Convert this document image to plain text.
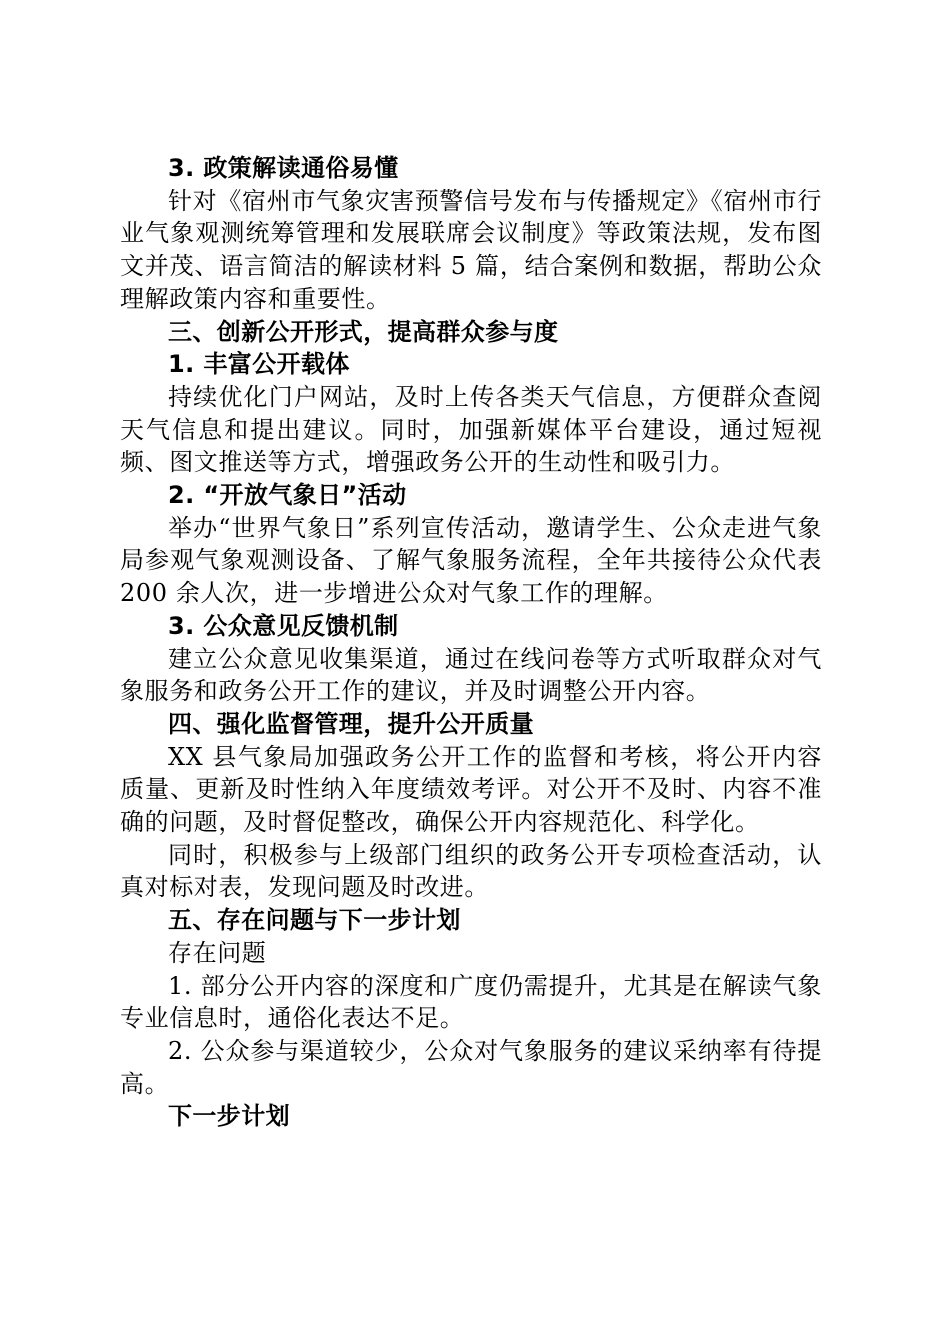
3. 政策解读通俗易懂
针对《宿州市气象灾害预警信号发布与传播规定》《宿州市行业气象观测统筹管理和发展联席会议制度》等政策法规，发布图文并茂、语言简洁的解读材料 5 篇，结合案例和数据，帮助公众理解政策内容和重要性。
三、创新公开形式，提高群众参与度
1. 丰富公开载体
持续优化门户网站，及时上传各类天气信息，方便群众查阅天气信息和提出建议。同时，加强新媒体平台建设，通过短视频、图文推送等方式，增强政务公开的生动性和吸引力。
2. “开放气象日”活动
举办“世界气象日”系列宣传活动，邀请学生、公众走进气象局参观气象观测设备、了解气象服务流程，全年共接待公众代表 200 余人次，进一步增进公众对气象工作的理解。
3. 公众意见反馈机制
建立公众意见收集渠道，通过在线问卷等方式听取群众对气象服务和政务公开工作的建议，并及时调整公开内容。
四、强化监督管理，提升公开质量
XX 县气象局加强政务公开工作的监督和考核，将公开内容质量、更新及时性纳入年度绩效考评。对公开不及时、内容不准确的问题，及时督促整改，确保公开内容规范化、科学化。
同时，积极参与上级部门组织的政务公开专项检查活动，认真对标对表，发现问题及时改进。
五、存在问题与下一步计划
存在问题
1. 部分公开内容的深度和广度仍需提升，尤其是在解读气象专业信息时，通俗化表达不足。
2. 公众参与渠道较少，公众对气象服务的建议采纳率有待提高。
下一步计划
